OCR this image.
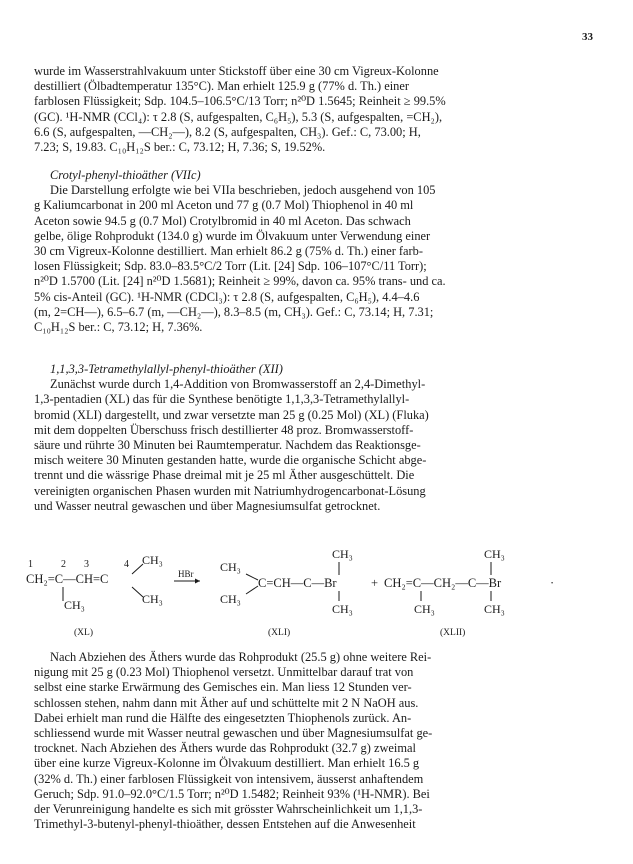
33
wurde im Wasserstrahlvakuum unter Stickstoff über eine 30 cm Vigreux-Kolonne
destilliert (Ölbadtemperatur 135°C). Man erhielt 125.9 g (77% d. Th.) einer
farblosen Flüssigkeit; Sdp. 104.5–106.5°C/13 Torr; n²⁰D 1.5645; Reinheit ≥ 99.5%
(GC). ¹H-NMR (CCl₄): τ 2.8 (S, aufgespalten, C₆H₅), 5.3 (S, aufgespalten, =CH₂),
6.6 (S, aufgespalten, —CH₂—), 8.2 (S, aufgespalten, CH₃). Gef.: C, 73.00; H,
7.23; S, 19.83. C₁₀H₁₂S ber.: C, 73.12; H, 7.36; S, 19.52%.
Crotyl-phenyl-thioäther (VIIc)
Die Darstellung erfolgte wie bei VIIa beschrieben, jedoch ausgehend von 105
g Kaliumcarbonat in 200 ml Aceton und 77 g (0.7 Mol) Thiophenol in 40 ml
Aceton sowie 94.5 g (0.7 Mol) Crotylbromid in 40 ml Aceton. Das schwach
gelbe, ölige Rohprodukt (134.0 g) wurde im Ölvakuum unter Verwendung einer
30 cm Vigreux-Kolonne destilliert. Man erhielt 86.2 g (75% d. Th.) einer farb-
losen Flüssigkeit; Sdp. 83.0–83.5°C/2 Torr (Lit. [24] Sdp. 106–107°C/11 Torr);
n²⁰D 1.5700 (Lit. [24] n²⁰D 1.5681); Reinheit ≥ 99%, davon ca. 95% trans- und ca.
5% cis-Anteil (GC). ¹H-NMR (CDCl₃): τ 2.8 (S, aufgespalten, C₆H₅), 4.4–4.6
(m, 2=CH—), 6.5–6.7 (m, —CH₂—), 8.3–8.5 (m, CH₃). Gef.: C, 73.14; H, 7.31;
C₁₀H₁₂S ber.: C, 73.12; H, 7.36%.
1,1,3,3-Tetramethylallyl-phenyl-thioäther (XII)
Zunächst wurde durch 1,4-Addition von Bromwasserstoff an 2,4-Dimethyl-
1,3-pentadien (XL) das für die Synthese benötigte 1,1,3,3-Tetramethylallyl-
bromid (XLI) dargestellt, und zwar versetzte man 25 g (0.25 Mol) (XL) (Fluka)
mit dem doppelten Überschuss frisch destillierter 48 proz. Bromwasserstoff-
säure und rührte 30 Minuten bei Raumtemperatur. Nachdem das Reaktionsge-
misch weitere 30 Minuten gestanden hatte, wurde die organische Schicht abge-
trennt und die wässrige Phase dreimal mit je 25 ml Äther ausgeschüttelt. Die
vereinigten organischen Phasen wurden mit Natriumhydrogencarbonat-Lösung
und Wasser neutral gewaschen und über Magnesiumsulfat getrocknet.
1	2 3	4 CH₃
CH₂=C—CH=C
CH₃
CH₃
(XL)
HBr CH₃
CH₃
C=CH—C—Br
CH₃
CH₃
(XLI)
+ CH₂=C—CH₂—C—Br
CH₃
CH₃	CH₃
(XLII)
·
Nach Abziehen des Äthers wurde das Rohprodukt (25.5 g) ohne weitere Rei-
nigung mit 25 g (0.23 Mol) Thiophenol versetzt. Unmittelbar darauf trat von
selbst eine starke Erwärmung des Gemisches ein. Man liess 12 Stunden ver-
schlossen stehen, nahm dann mit Äther auf und schüttelte mit 2 N NaOH aus.
Dabei erhielt man rund die Hälfte des eingesetzten Thiophenols zurück. An-
schliessend wurde mit Wasser neutral gewaschen und über Magnesiumsulfat ge-
trocknet. Nach Abziehen des Äthers wurde das Rohprodukt (32.7 g) zweimal
über eine kurze Vigreux-Kolonne im Ölvakuum destilliert. Man erhielt 16.5 g
(32% d. Th.) einer farblosen Flüssigkeit von intensivem, äusserst anhaftendem
Geruch; Sdp. 91.0–92.0°C/1.5 Torr; n²⁰D 1.5482; Reinheit 93% (¹H-NMR). Bei
der Verunreinigung handelte es sich mit grösster Wahrscheinlichkeit um 1,1,3-
Trimethyl-3-butenyl-phenyl-thioäther, dessen Entstehen auf die Anwesenheit
